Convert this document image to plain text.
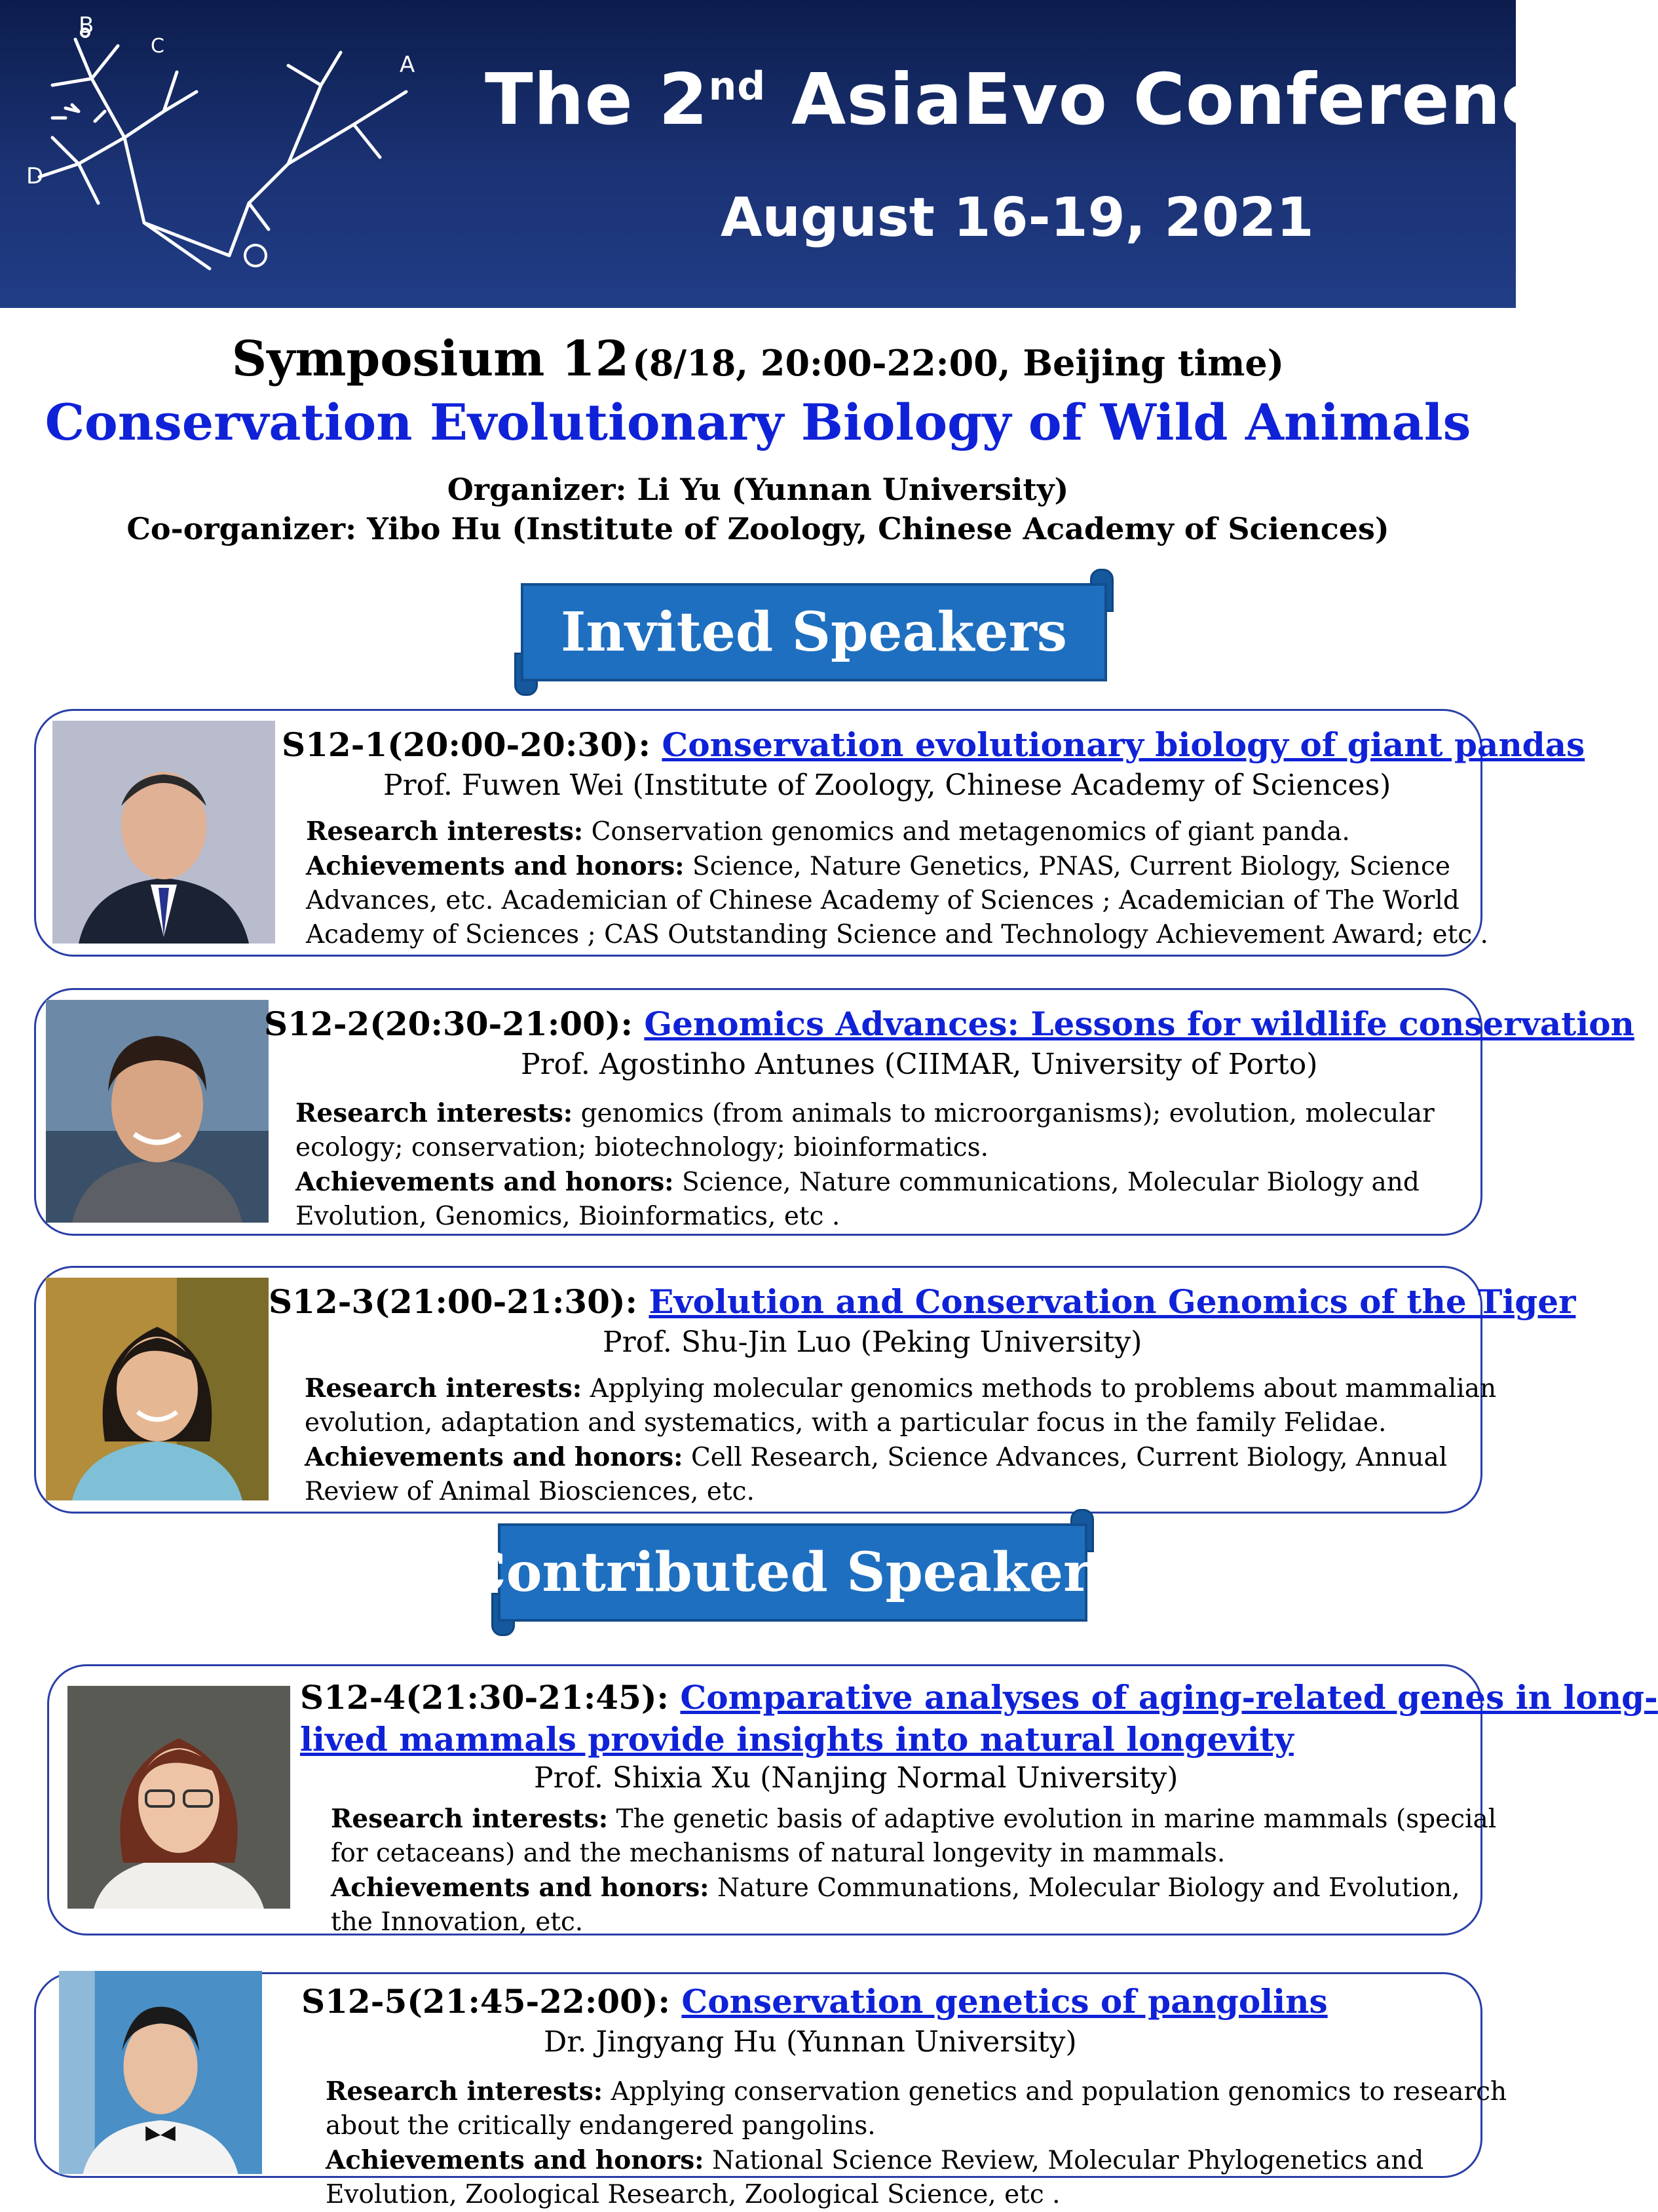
A
B
C
D
The 2nd AsiaEvo Conference
August 16-19, 2021
Symposium 12 (8/18, 20:00-22:00, Beijing time)
Conservation Evolutionary Biology of Wild Animals
Organizer: Li Yu (Yunnan University)
Co-organizer: Yibo Hu (Institute of Zoology, Chinese Academy of Sciences)
Invited Speakers
S12-1(20:00-20:30): Conservation evolutionary biology of giant pandas
Prof. Fuwen Wei (Institute of Zoology, Chinese Academy of Sciences)
Research interests: Conservation genomics and metagenomics of giant panda.
Achievements and honors: Science, Nature Genetics, PNAS, Current Biology, Science
Advances, etc. Academician of Chinese Academy of Sciences ; Academician of The World
Academy of Sciences ; CAS Outstanding Science and Technology Achievement Award; etc .
S12-2(20:30-21:00): Genomics Advances: Lessons for wildlife conservation
Prof. Agostinho Antunes (CIIMAR, University of Porto)
Research interests: genomics (from animals to microorganisms); evolution, molecular
ecology; conservation; biotechnology; bioinformatics.
Achievements and honors: Science, Nature communications, Molecular Biology and
Evolution, Genomics, Bioinformatics, etc .
S12-3(21:00-21:30): Evolution and Conservation Genomics of the Tiger
Prof. Shu-Jin Luo (Peking University)
Research interests: Applying molecular genomics methods to problems about mammalian
evolution, adaptation and systematics, with a particular focus in the family Felidae.
Achievements and honors: Cell Research, Science Advances, Current Biology, Annual
Review of Animal Biosciences, etc.
Contributed Speakers
S12-4(21:30-21:45): Comparative analyses of aging-related genes in long-
lived mammals provide insights into natural longevity
Prof. Shixia Xu (Nanjing Normal University)
Research interests: The genetic basis of adaptive evolution in marine mammals (special
for cetaceans) and the mechanisms of natural longevity in mammals.
Achievements and honors: Nature Communations, Molecular Biology and Evolution,
the Innovation, etc.
S12-5(21:45-22:00): Conservation genetics of pangolins
Dr. Jingyang Hu (Yunnan University)
Research interests: Applying conservation genetics and population genomics to research
about the critically endangered pangolins.
Achievements and honors: National Science Review, Molecular Phylogenetics and
Evolution, Zoological Research, Zoological Science, etc .
